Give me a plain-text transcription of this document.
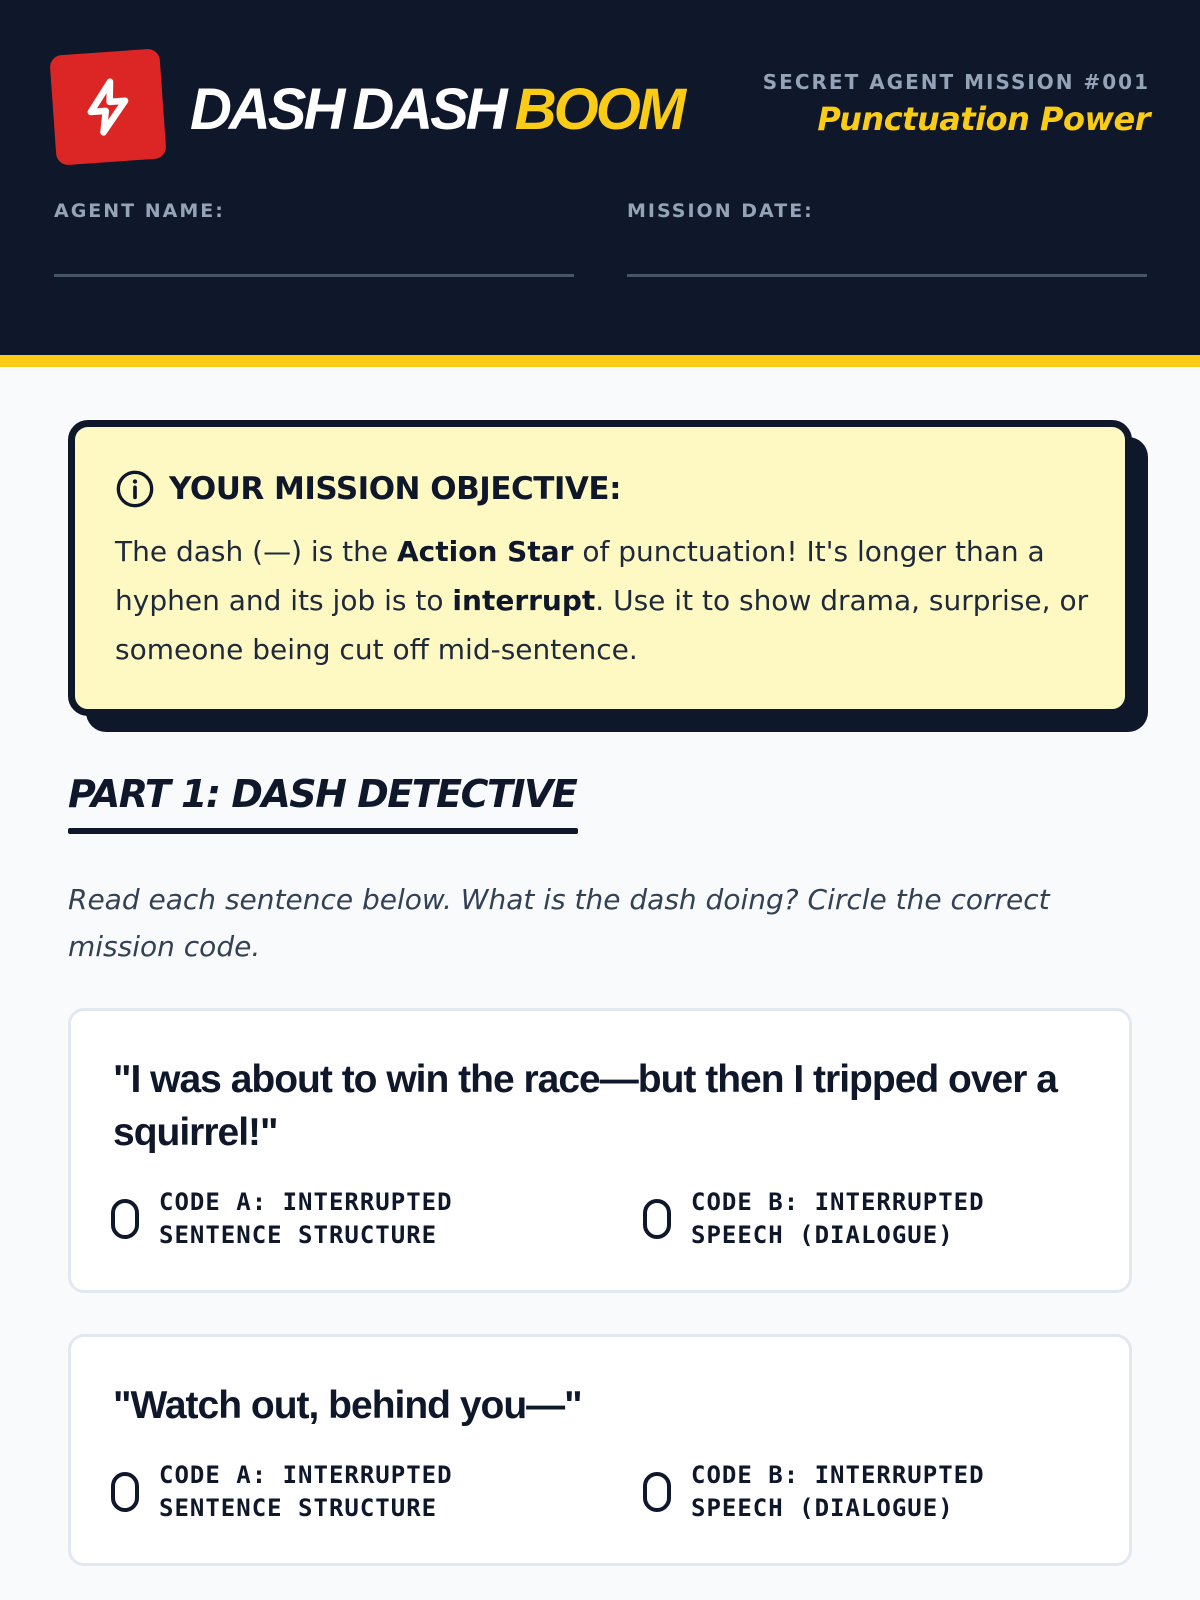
DASH DASH BOOM	SECRET AGENT MISSION #001
Punctuation Power
AGENT NAME:	MISSION DATE:
YOUR MISSION OBJECTIVE:
The dash (—) is the Action Star of punctuation! It's longer than a hyphen and its job is to interrupt. Use it to show drama, surprise, or someone being cut off mid-sentence.
PART 1: DASH DETECTIVE
Read each sentence below. What is the dash doing? Circle the correct mission code.
"I was about to win the race—but then I tripped over a squirrel!"
CODE A: INTERRUPTED
SENTENCE STRUCTURE
CODE B: INTERRUPTED
SPEECH (DIALOGUE)
"Watch out, behind you—"
CODE A: INTERRUPTED
SENTENCE STRUCTURE
CODE B: INTERRUPTED
SPEECH (DIALOGUE)
